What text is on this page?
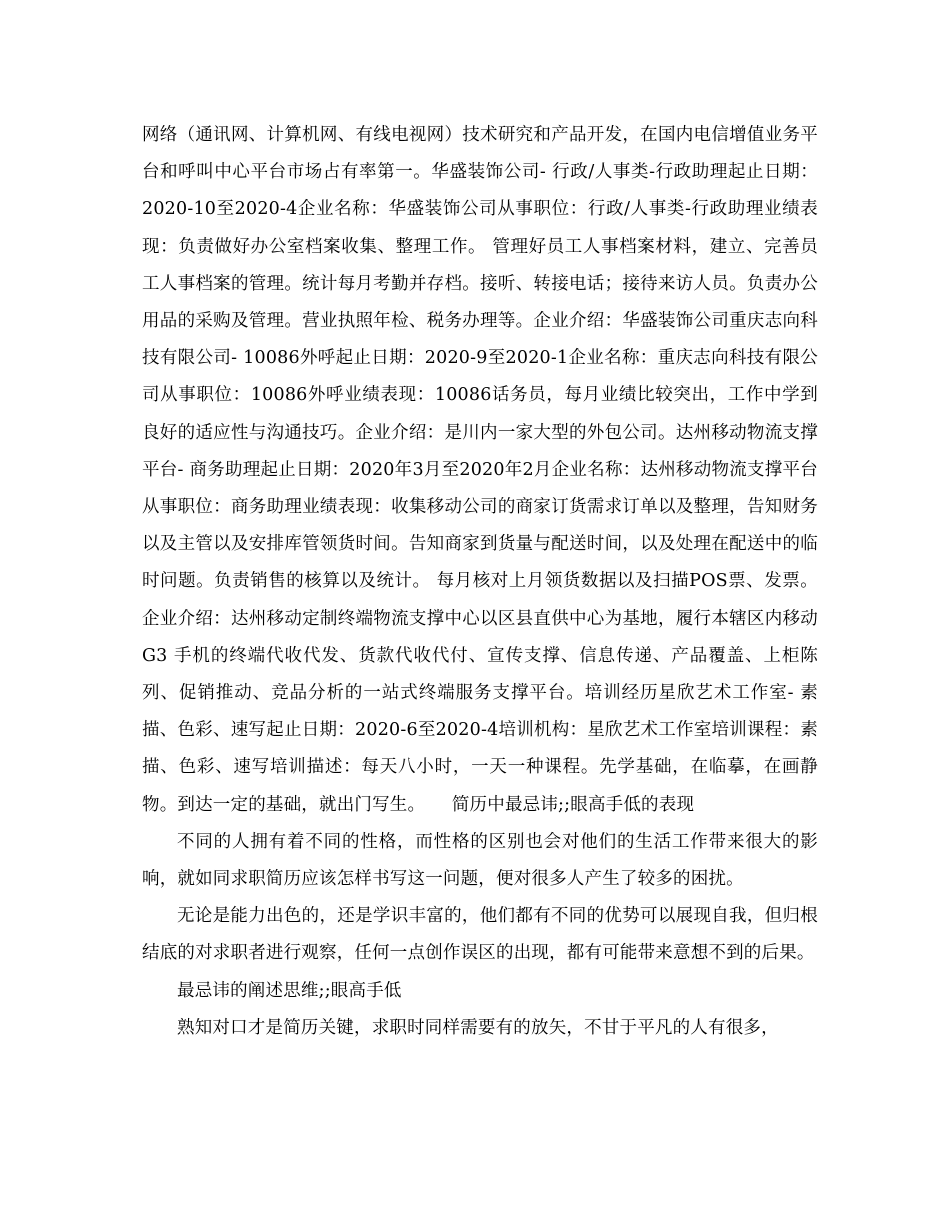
网络（通讯网、计算机网、有线电视网）技术研究和产品开发，在国内电信增值业务平台和呼叫中心平台市场占有率第一。华盛装饰公司- 行政/人事类-行政助理起止日期：2020-10至2020-4企业名称：华盛装饰公司从事职位：行政/人事类-行政助理业绩表现：负责做好办公室档案收集、整理工作。 管理好员工人事档案材料，建立、完善员工人事档案的管理。统计每月考勤并存档。接听、转接电话；接待来访人员。负责办公用品的采购及管理。营业执照年检、税务办理等。企业介绍：华盛装饰公司重庆志向科技有限公司- 10086外呼起止日期：2020-9至2020-1企业名称：重庆志向科技有限公司从事职位：10086外呼业绩表现：10086话务员，每月业绩比较突出，工作中学到良好的适应性与沟通技巧。企业介绍：是川内一家大型的外包公司。达州移动物流支撑平台- 商务助理起止日期：2020年3月至2020年2月企业名称：达州移动物流支撑平台从事职位：商务助理业绩表现：收集移动公司的商家订货需求订单以及整理，告知财务以及主管以及安排库管领货时间。告知商家到货量与配送时间，以及处理在配送中的临时问题。负责销售的核算以及统计。 每月核对上月领货数据以及扫描POS票、发票。企业介绍：达州移动定制终端物流支撑中心以区县直供中心为基地，履行本辖区内移动G3 手机的终端代收代发、货款代收代付、宣传支撑、信息传递、产品覆盖、上柜陈列、促销推动、竞品分析的一站式终端服务支撑平台。培训经历星欣艺术工作室- 素描、色彩、速写起止日期：2020-6至2020-4培训机构：星欣艺术工作室培训课程：素描、色彩、速写培训描述：每天八小时，一天一种课程。先学基础，在临摹，在画静物。到达一定的基础，就出门写生。　　简历中最忌讳;;眼高手低的表现

不同的人拥有着不同的性格，而性格的区别也会对他们的生活工作带来很大的影响，就如同求职简历应该怎样书写这一问题，便对很多人产生了较多的困扰。

无论是能力出色的，还是学识丰富的，他们都有不同的优势可以展现自我，但归根结底的对求职者进行观察，任何一点创作误区的出现，都有可能带来意想不到的后果。

最忌讳的阐述思维;;眼高手低

熟知对口才是简历关键，求职时同样需要有的放矢，不甘于平凡的人有很多，
